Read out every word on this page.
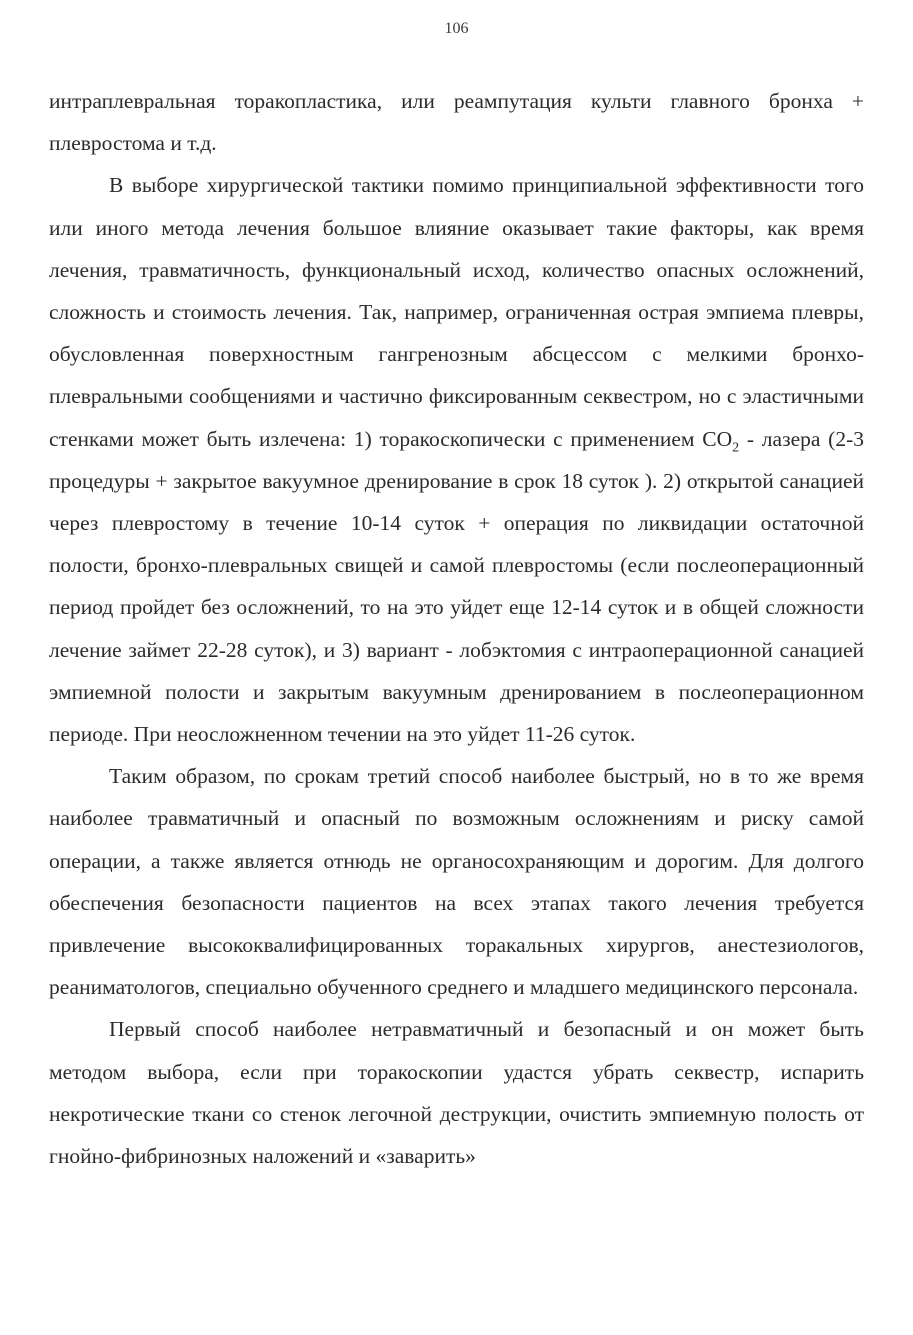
106

интраплевральная торакопластика, или реампутация культи главного бронха + плевростома и т.д.

В выборе хирургической тактики помимо принципиальной эффективности того или иного метода лечения большое влияние оказывает такие факторы, как время лечения, травматичность, функциональный исход, количество опасных осложнений, сложность и стоимость лечения. Так, например, ограниченная острая эмпиема плевры, обусловленная поверхностным гангренозным абсцессом с мелкими бронхо-плевральными сообщениями и частично фиксированным секвестром, но с эластичными стенками может быть излечена: 1) торакоскопически с применением $СО_2$ - лазера (2-3 процедуры + закрытое вакуумное дренирование в срок 18 суток ). 2) открытой санацией через плевростому в течение 10-14 суток + операция по ликвидации остаточной полости, бронхо-плевральных свищей и самой плевростомы (если послеоперационный период пройдет без осложнений, то на это уйдет еще 12-14 суток и в общей сложности лечение займет 22-28 суток), и 3) вариант - лобэктомия с интраоперационной санацией эмпиемной полости и закрытым вакуумным дренированием в послеоперационном периоде. При неосложненном течении на это уйдет 11-26 суток.

Таким образом, по срокам третий способ наиболее быстрый, но в то же время наиболее травматичный и опасный по возможным осложнениям и риску самой операции, а также является отнюдь не органосохраняющим и дорогим. Для долгого обеспечения безопасности пациентов на всех этапах такого лечения требуется привлечение высококвалифицированных торакальных хирургов, анестезиологов, реаниматологов, специально обученного среднего и младшего медицинского персонала.

Первый способ наиболее нетравматичный и безопасный и он может быть методом выбора, если при торакоскопии удастся убрать секвестр, испарить некротические ткани со стенок легочной деструкции, очистить эмпиемную полость от гнойно-фибринозных наложений и «заварить»
